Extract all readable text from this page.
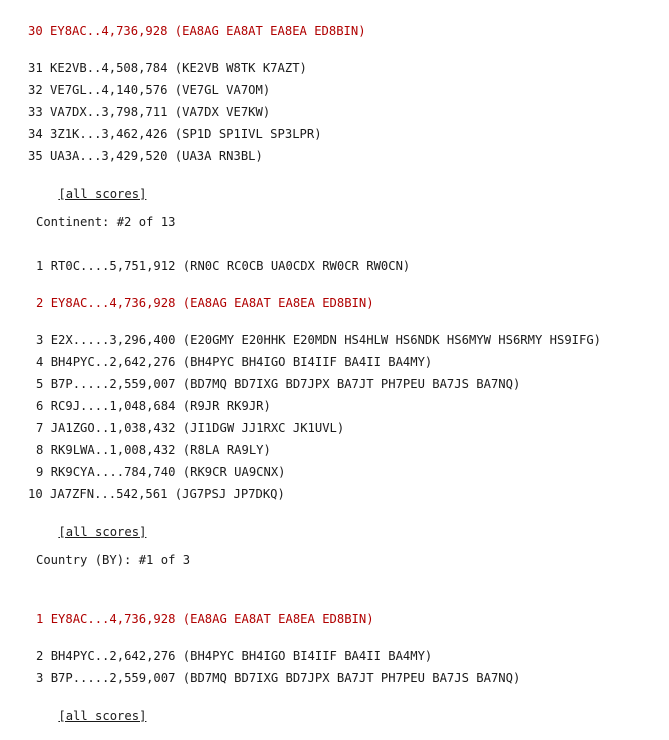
30 EY8AC..4,736,928 (EA8AG EA8AT EA8EA ED8BIN)
31 KE2VB..4,508,784 (KE2VB W8TK K7AZT)
32 VE7GL..4,140,576 (VE7GL VA7OM)
33 VA7DX..3,798,711 (VA7DX VE7KW)
34 3Z1K...3,462,426 (SP1D SP1IVL SP3LPR)
35 UA3A...3,429,520 (UA3A RN3BL)

[all scores]

Continent: #2 of 13
1 RT0C....5,751,912 (RN0C RC0CB UA0CDX RW0CR RW0CN)
2 EY8AC...4,736,928 (EA8AG EA8AT EA8EA ED8BIN)
3 E2X.....3,296,400 (E20GMY E20HHK E20MDN HS4HLW HS6NDK HS6MYW HS6RMY HS9IFG)
4 BH4PYC..2,642,276 (BH4PYC BH4IGO BI4IIF BA4II BA4MY)
5 B7P.....2,559,007 (BD7MQ BD7IXG BD7JPX BA7JT PH7PEU BA7JS BA7NQ)
6 RC9J....1,048,684 (R9JR RK9JR)
7 JA1ZGO..1,038,432 (JI1DGW JJ1RXC JK1UVL)
8 RK9LWA..1,008,432 (R8LA RA9LY)
9 RK9CYA....784,740 (RK9CR UA9CNX)
10 JA7ZFN...542,561 (JG7PSJ JP7DKQ)

[all scores]

Country (BY): #1 of 3
1 EY8AC...4,736,928 (EA8AG EA8AT EA8EA ED8BIN)
2 BH4PYC..2,642,276 (BH4PYC BH4IGO BI4IIF BA4II BA4MY)
3 B7P.....2,559,007 (BD7MQ BD7IXG BD7JPX BA7JT PH7PEU BA7JS BA7NQ)

[all scores]
